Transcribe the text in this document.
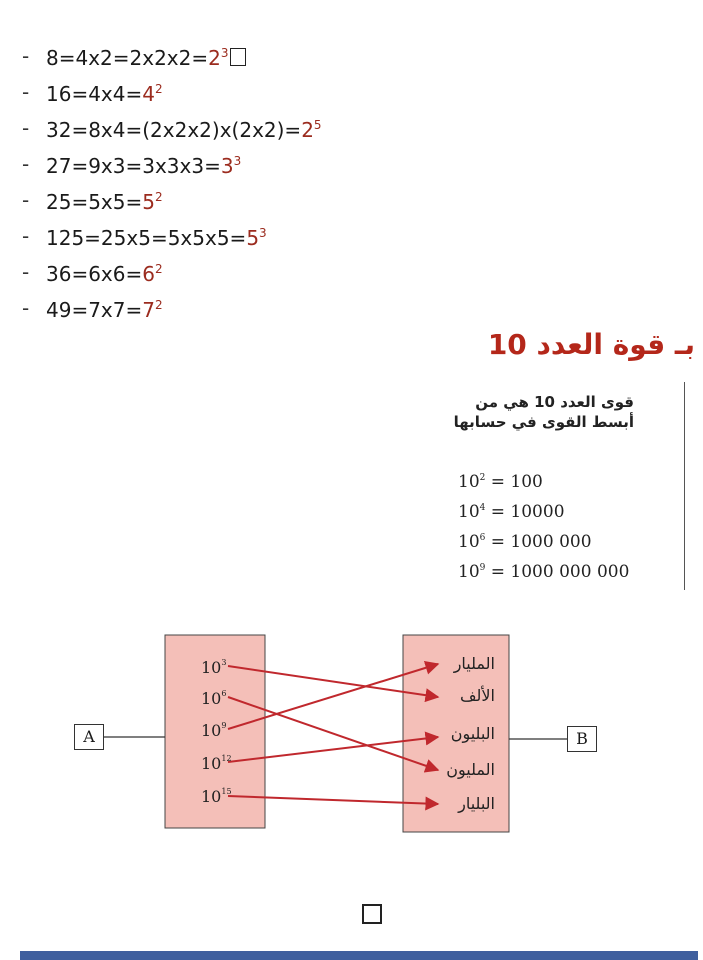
- $8=4x2=2x2x2=2^3$
- $16=4x4=4^2$
- $32=8x4=(2x2x2)x(2x2)=2^5$
- $27=9x3=3x3x3=3^3$
- $25=5x5=5^2$
- $125=25x5=5x5x5=5^3$
- $36=6x6=6^2$
- $49=7x7=7^2$
بـ قوة العدد 10
قوى العدد 10 هي من أبسط القوى في حسابها
$10^2 = 100$
$10^4 = 10000$
$10^6 = 1000$ 000
$10^9 = 1000$ 000 000
$10^3$
$10^6$
$10^9$
$10^{12}$
$10^{15}$
المليار
الألف
البليون
المليون
البليار
A	B
